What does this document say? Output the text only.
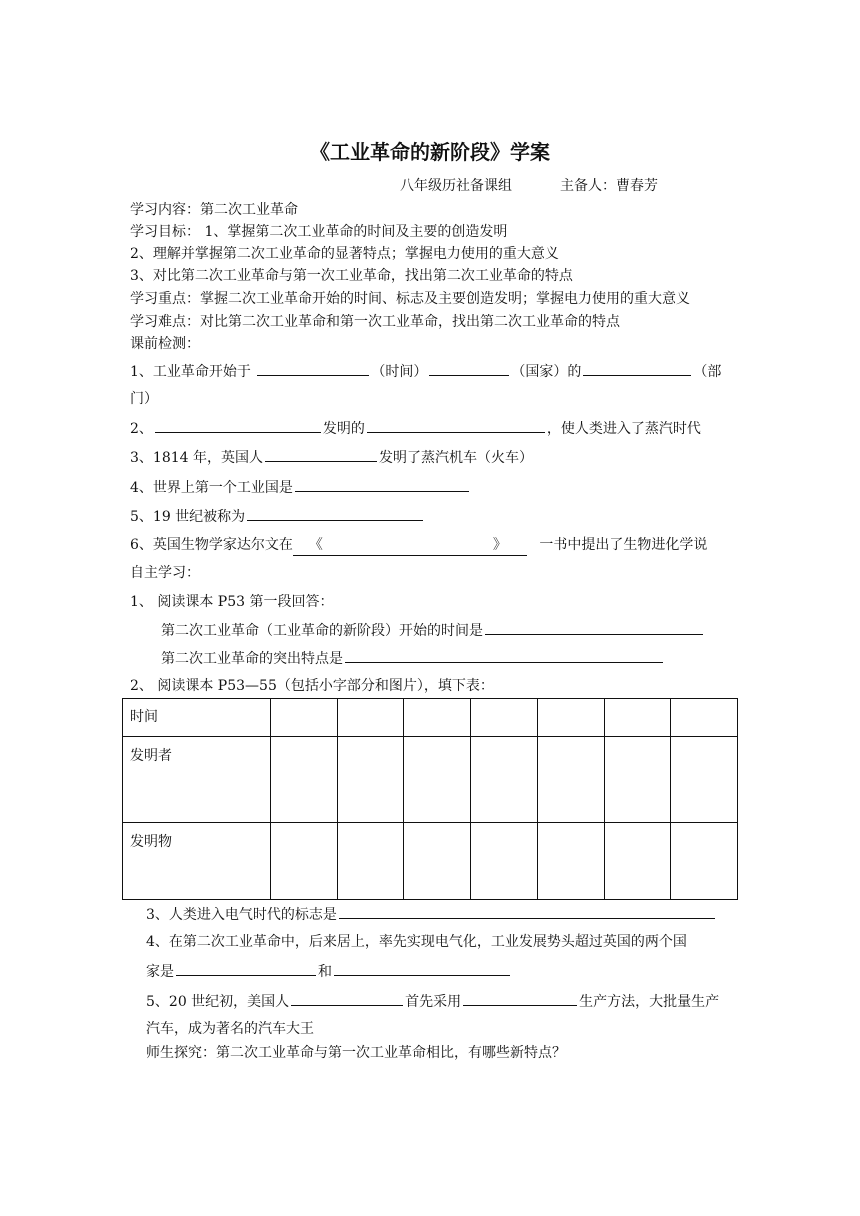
《工业革命的新阶段》学案
八年级历社备课组	主备人：曹春芳
学习内容：第二次工业革命
学习目标： 1、掌握第二次工业革命的时间及主要的创造发明
2、理解并掌握第二次工业革命的显著特点；掌握电力使用的重大意义
3、对比第二次工业革命与第一次工业革命，找出第二次工业革命的特点
学习重点：掌握二次工业革命开始的时间、标志及主要创造发明；掌握电力使用的重大意义
学习难点：对比第二次工业革命和第一次工业革命，找出第二次工业革命的特点
课前检测：
1、工业革命开始于	（时间）	（国家）的	（部
门）
2、	发明的	，使人类进入了蒸汽时代
3、1814 年，英国人	发明了蒸汽机车（火车）
4、世界上第一个工业国是
5、19 世纪被称为
6、英国生物学家达尔文在 《	》 一书中提出了生物进化学说
自主学习：
1、 阅读课本 P53 第一段回答：
第二次工业革命（工业革命的新阶段）开始的时间是
第二次工业革命的突出特点是
2、 阅读课本 P53—55（包括小字部分和图片），填下表：
时间							
发明者							
发明物							
3、人类进入电气时代的标志是
4、在第二次工业革命中，后来居上，率先实现电气化，工业发展势头超过英国的两个国
家是	和
5、20 世纪初，美国人	首先采用	生产方法，大批量生产
汽车，成为著名的汽车大王
师生探究：第二次工业革命与第一次工业革命相比，有哪些新特点？
